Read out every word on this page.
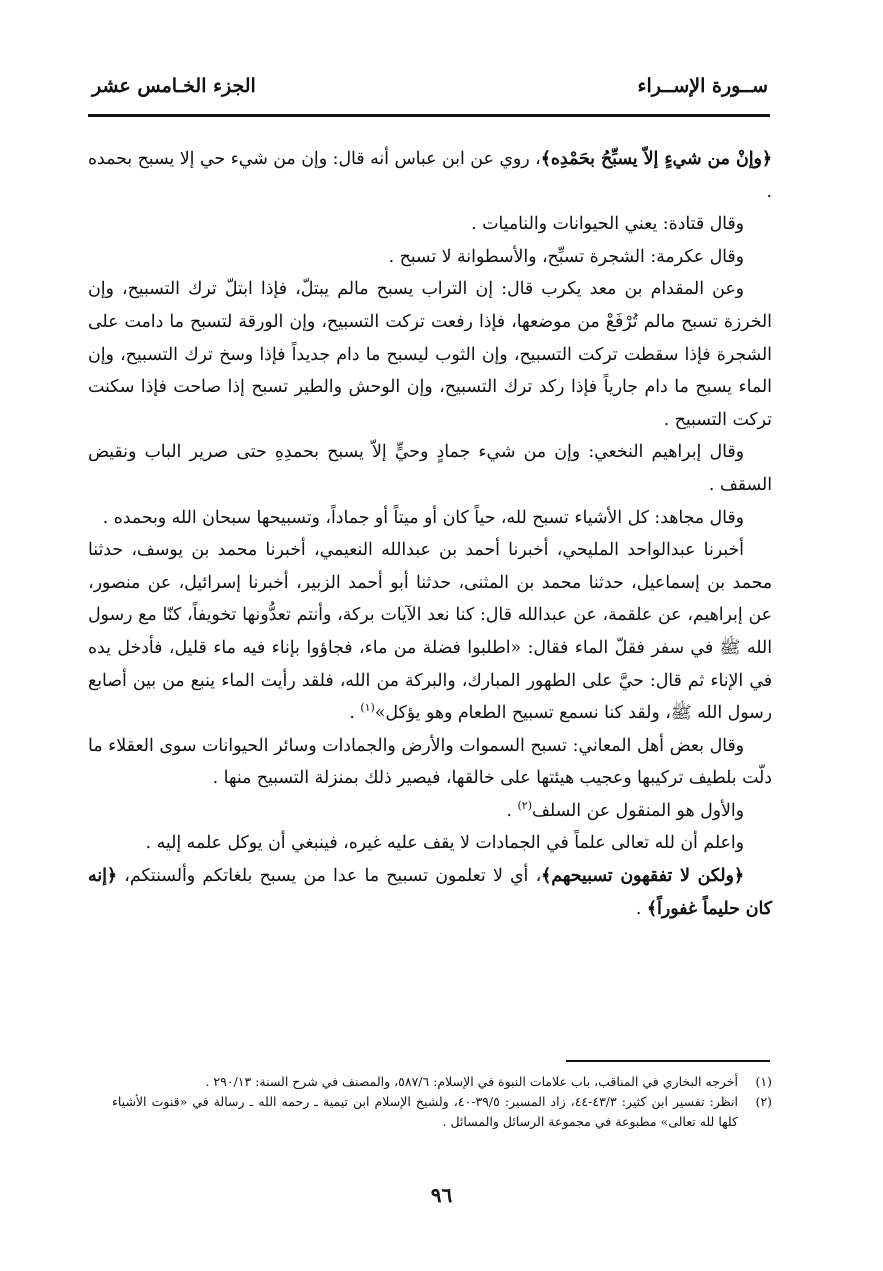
ســورة الإســراء
الجزء الخـامس عشر

﴿وإنْ من شيءٍ إلاّ يسبِّحُ بحَمْدِه﴾، روي عن ابن عباس أنه قال: وإن من شيء حي إلا يسبح بحمده .

وقال قتادة: يعني الحيوانات والناميات .

وقال عكرمة: الشجرة تسبِّح، والأسطوانة لا تسبح .

وعن المقدام بن معد يكرب قال: إن التراب يسبح مالم يبتلّ، فإذا ابتلّ ترك التسبيح، وإن الخرزة تسبح مالم تُرْفَعْ من موضعها، فإذا رفعت تركت التسبيح، وإن الورقة لتسبح ما دامت على الشجرة فإذا سقطت تركت التسبيح، وإن الثوب ليسبح ما دام جديداً فإذا وسخ ترك التسبيح، وإن الماء يسبح ما دام جارياً فإذا ركد ترك التسبيح، وإن الوحش والطير تسبح إذا صاحت فإذا سكنت تركت التسبيح .

وقال إبراهيم النخعي: وإن من شيء جمادٍ وحيٍّ إلاّ يسبح بحمدِهِ حتى صرير الباب ونقيض السقف .

وقال مجاهد: كل الأشياء تسبح لله، حياً كان أو ميتاً أو جماداً، وتسبيحها سبحان الله وبحمده .

أخبرنا عبدالواحد المليحي، أخبرنا أحمد بن عبدالله النعيمي، أخبرنا محمد بن يوسف، حدثنا محمد بن إسماعيل، حدثنا محمد بن المثنى، حدثنا أبو أحمد الزبير، أخبرنا إسرائيل، عن منصور، عن إبراهيم، عن علقمة، عن عبدالله قال: كنا نعد الآيات بركة، وأنتم تعدُّونها تخويفاً، كنّا مع رسول الله ﷺ في سفر فقلّ الماء فقال: «اطلبوا فضلة من ماء، فجاؤوا بإناء فيه ماء قليل، فأدخل يده في الإناء ثم قال: حيَّ على الطهور المبارك، والبركة من الله، فلقد رأيت الماء ينبع من بين أصابع رسول الله ﷺ، ولقد كنا نسمع تسبيح الطعام وهو يؤكل»$^{(١)}$ .

وقال بعض أهل المعاني: تسبح السموات والأرض والجمادات وسائر الحيوانات سوى العقلاء ما دلّت بلطيف تركيبها وعجيب هيئتها على خالقها، فيصير ذلك بمنزلة التسبيح منها .

والأول هو المنقول عن السلف$^{(٢)}$ .

واعلم أن لله تعالى علماً في الجمادات لا يقف عليه غيره، فينبغي أن يوكل علمه إليه .

﴿ولكن لا تفقهون تسبيحهم﴾، أي لا تعلمون تسبيح ما عدا من يسبح بلغاتكم وألسنتكم، ﴿إنه كان حليماً غفوراً﴾ .

(١)
أخرجه البخاري في المناقب، باب علامات النبوة في الإسلام: ٥٨٧/٦، والمصنف في شرح السنة: ٢٩٠/١٣ .
(٢)
انظر: تفسير ابن كثير: ٤٣/٣-٤٤، زاد المسير: ٣٩/٥-٤٠، ولشيخ الإسلام ابن تيمية ـ رحمه الله ـ رسالة في «قنوت الأشياء كلها لله تعالى» مطبوعة في مجموعة الرسائل والمسائل .
٩٦
